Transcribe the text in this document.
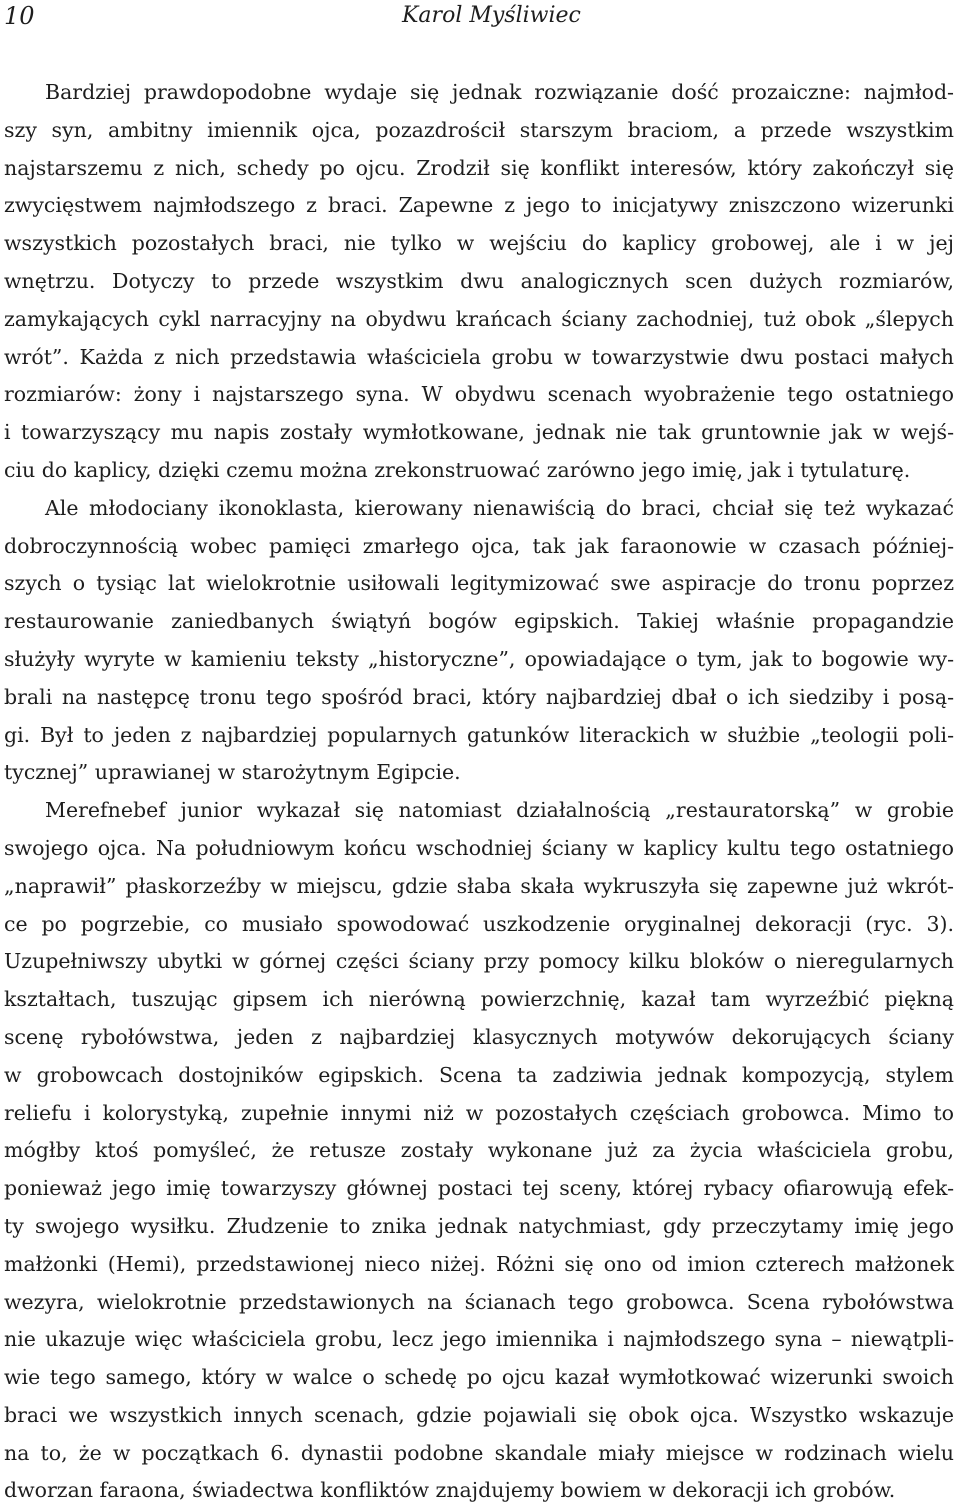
10	Karol Myśliwiec

Bardziej prawdopodobne wydaje się jednak rozwiązanie dość prozaiczne: najmłod-
szy syn, ambitny imiennik ojca, pozazdrościł starszym braciom, a przede wszystkim
najstarszemu z nich, schedy po ojcu. Zrodził się konflikt interesów, który zakończył się
zwycięstwem najmłodszego z braci. Zapewne z jego to inicjatywy zniszczono wizerunki
wszystkich pozostałych braci, nie tylko w wejściu do kaplicy grobowej, ale i w jej
wnętrzu. Dotyczy to przede wszystkim dwu analogicznych scen dużych rozmiarów,
zamykających cykl narracyjny na obydwu krańcach ściany zachodniej, tuż obok „ślepych
wrót”. Każda z nich przedstawia właściciela grobu w towarzystwie dwu postaci małych
rozmiarów: żony i najstarszego syna. W obydwu scenach wyobrażenie tego ostatniego
i towarzyszący mu napis zostały wymłotkowane, jednak nie tak gruntownie jak w wejś-
ciu do kaplicy, dzięki czemu można zrekonstruować zarówno jego imię, jak i tytulaturę.

Ale młodociany ikonoklasta, kierowany nienawiścią do braci, chciał się też wykazać
dobroczynnością wobec pamięci zmarłego ojca, tak jak faraonowie w czasach później-
szych o tysiąc lat wielokrotnie usiłowali legitymizować swe aspiracje do tronu poprzez
restaurowanie zaniedbanych świątyń bogów egipskich. Takiej właśnie propagandzie
służyły wyryte w kamieniu teksty „historyczne”, opowiadające o tym, jak to bogowie wy-
brali na następcę tronu tego spośród braci, który najbardziej dbał o ich siedziby i posą-
gi. Był to jeden z najbardziej popularnych gatunków literackich w służbie „teologii poli-
tycznej” uprawianej w starożytnym Egipcie.

Merefnebef junior wykazał się natomiast działalnością „restauratorską” w grobie
swojego ojca. Na południowym końcu wschodniej ściany w kaplicy kultu tego ostatniego
„naprawił” płaskorzeźby w miejscu, gdzie słaba skała wykruszyła się zapewne już wkrót-
ce po pogrzebie, co musiało spowodować uszkodzenie oryginalnej dekoracji (ryc. 3).
Uzupełniwszy ubytki w górnej części ściany przy pomocy kilku bloków o nieregularnych
kształtach, tuszując gipsem ich nierówną powierzchnię, kazał tam wyrzeźbić piękną
scenę rybołówstwa, jeden z najbardziej klasycznych motywów dekorujących ściany
w grobowcach dostojników egipskich. Scena ta zadziwia jednak kompozycją, stylem
reliefu i kolorystyką, zupełnie innymi niż w pozostałych częściach grobowca. Mimo to
mógłby ktoś pomyśleć, że retusze zostały wykonane już za życia właściciela grobu,
ponieważ jego imię towarzyszy głównej postaci tej sceny, której rybacy ofiarowują efek-
ty swojego wysiłku. Złudzenie to znika jednak natychmiast, gdy przeczytamy imię jego
małżonki (Hemi), przedstawionej nieco niżej. Różni się ono od imion czterech małżonek
wezyra, wielokrotnie przedstawionych na ścianach tego grobowca. Scena rybołówstwa
nie ukazuje więc właściciela grobu, lecz jego imiennika i najmłodszego syna – niewątpli-
wie tego samego, który w walce o schedę po ojcu kazał wymłotkować wizerunki swoich
braci we wszystkich innych scenach, gdzie pojawiali się obok ojca. Wszystko wskazuje
na to, że w początkach 6. dynastii podobne skandale miały miejsce w rodzinach wielu
dworzan faraona, świadectwa konfliktów znajdujemy bowiem w dekoracji ich grobów.
